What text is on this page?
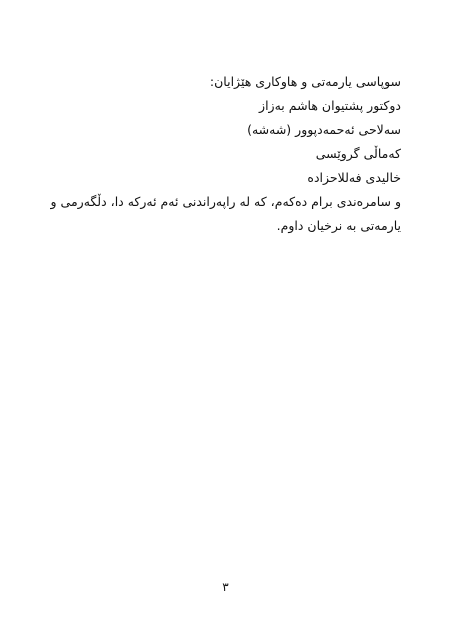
سوپاسی یارمەتی و هاوکاری هێژایان:
دوکتور پشتیوان هاشم بەزاز
سەلاحی ئەحمەدپوور (شەشە)
کەماڵی گروێسی
خالیدی فەللاحزادە
و سامرەندی برام دەکەم، کە لە راپەراندنی ئەم ئەرکە دا، دڵگەرمی و
یارمەتی بە نرخیان داوم.
٣
